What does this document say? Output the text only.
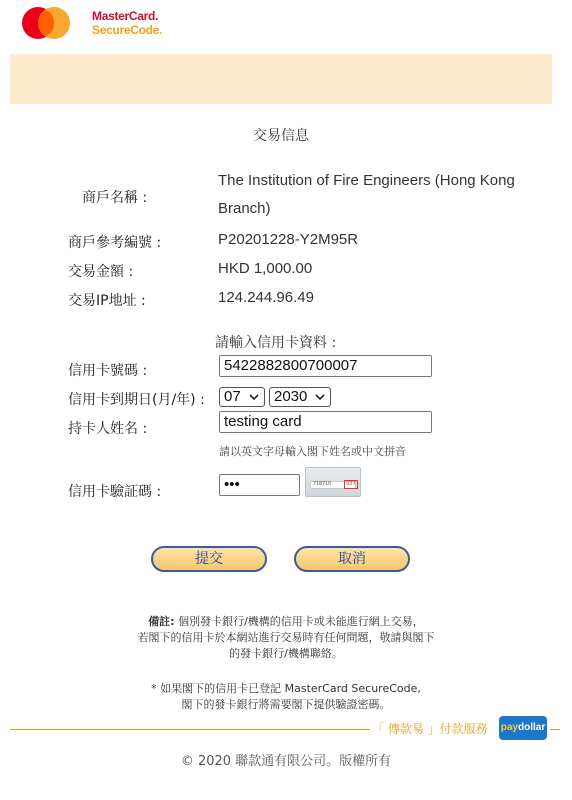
MasterCard.
SecureCode.
交易信息
商戶名稱 :
The Institution of Fire Engineers (Hong Kong
Branch)
商戶參考編號 :	P20201228-Y2M95R
交易金額 :	HKD 1,000.00
交易IP地址 :	124.244.96.49
請輸入信用卡資料 :
信用卡號碼 :	5422882800700007
信用卡到期日(月/年) : 07 2030
持卡人姓名 :	testing card
請以英文字母輸入閣下姓名或中文拼音
信用卡驗証碼 :	•••	718710	037
提交	取消
備註: 個別發卡銀行/機構的信用卡或未能進行網上交易，
若閣下的信用卡於本網站進行交易時有任何問題，敬請與閣下
的發卡銀行/機構聯絡。
* 如果閣下的信用卡已登記 MasterCard SecureCode,
閣下的發卡銀行將需要閣下提供驗證密碼。
「 傳款易 」付款服務 paydollar
© 2020 聯款通有限公司。版權所有
